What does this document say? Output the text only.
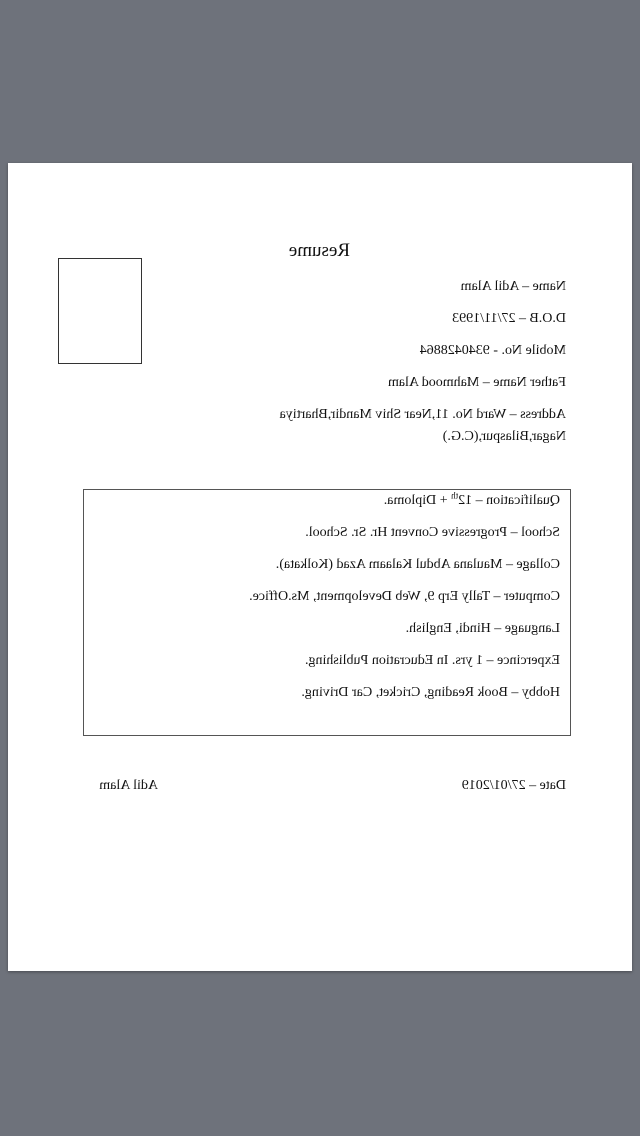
Resume
Name – Adil Alam
D.O.B – 27/11/1993
Mobile No. - 9340428864
Father Name – Mahmood Alam
Address – Ward No. 11,Near Shiv Mandir,Bhartiya
Nagar,Bilaspur,(C.G.)
Qualification – 12th + Diploma.
School – Progressive Convent Hr. Sr. School.
Collage – Maulana Abdul Kalaam Azad (Kolkata).
Computer – Tally Erp 9, Web Development, Ms.Office.
Language – Hindi, English.
Expercince – 1 yrs. In Educration Publishing.
Hobby – Book Reading, Cricket, Car Driving.
Date – 27/01/2019
Adil Alam
